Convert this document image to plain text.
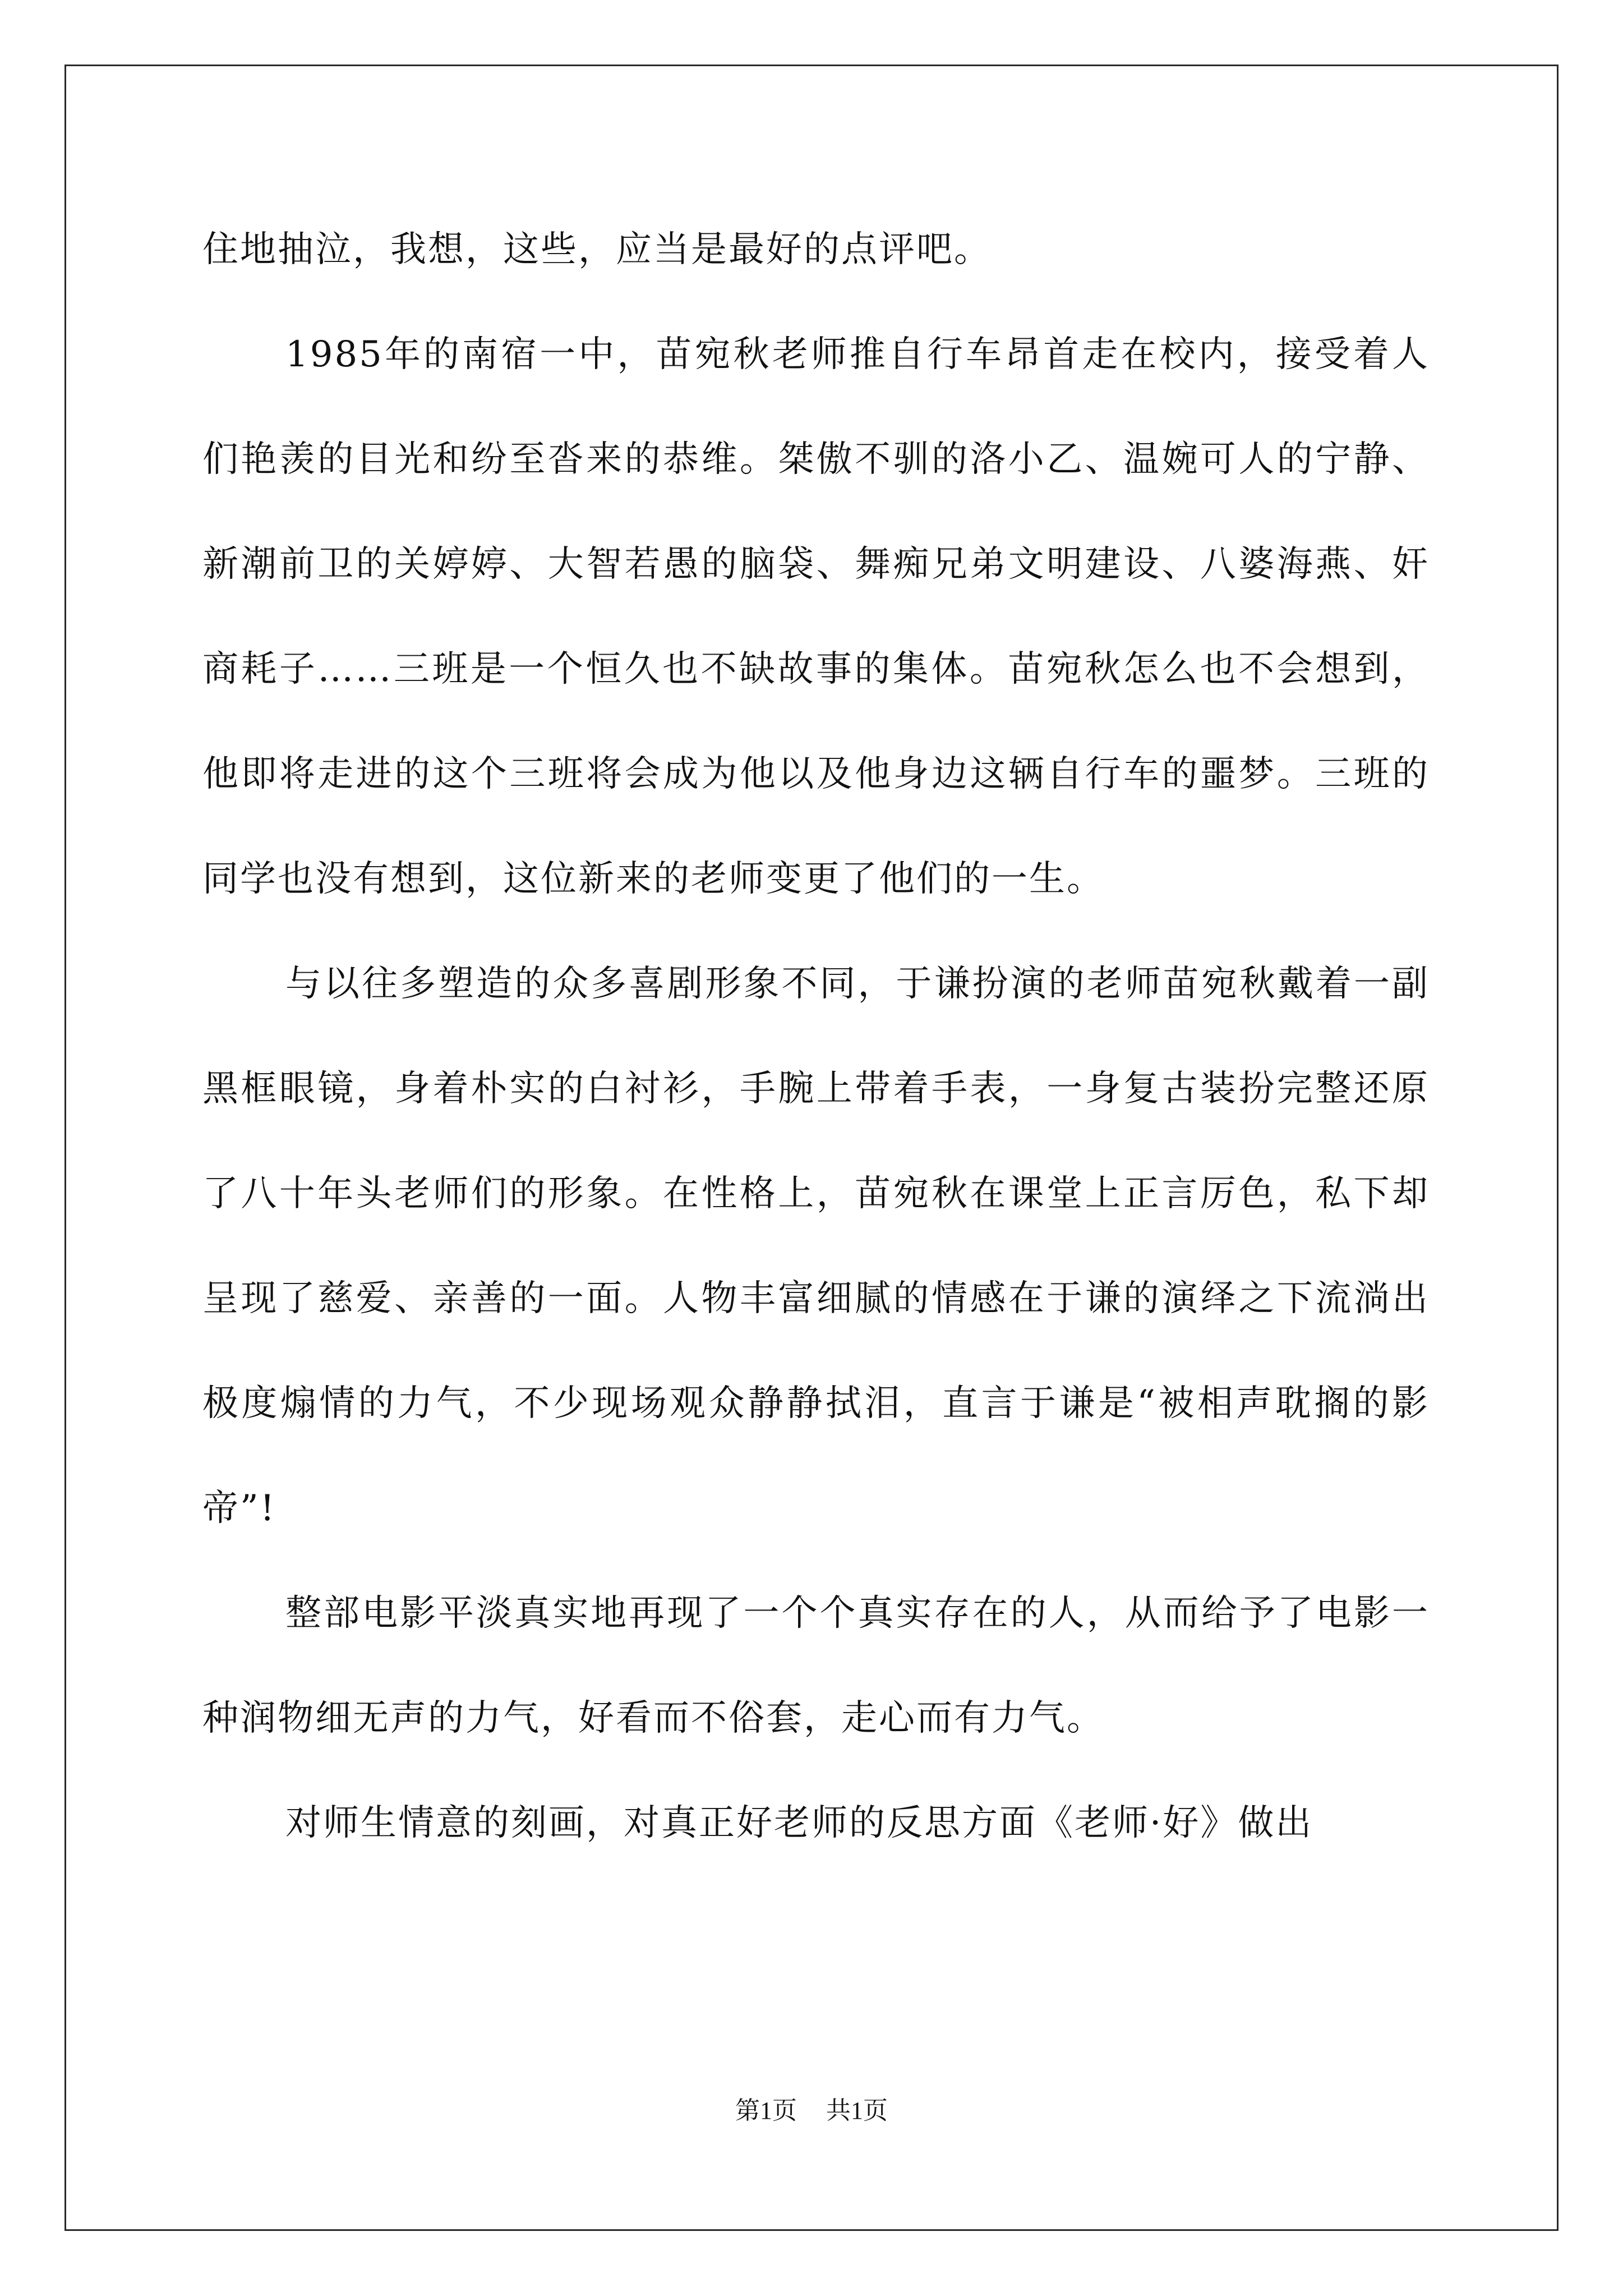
住地抽泣，我想，这些，应当是最好的点评吧。

1985年的南宿一中，苗宛秋老师推自行车昂首走在校内，接受着人们艳羡的目光和纷至沓来的恭维。桀傲不驯的洛小乙、温婉可人的宁静、新潮前卫的关婷婷、大智若愚的脑袋、舞痴兄弟文明建设、八婆海燕、奸商耗子……三班是一个恒久也不缺故事的集体。苗宛秋怎么也不会想到，他即将走进的这个三班将会成为他以及他身边这辆自行车的噩梦。三班的同学也没有想到，这位新来的老师变更了他们的一生。

与以往多塑造的众多喜剧形象不同，于谦扮演的老师苗宛秋戴着一副黑框眼镜，身着朴实的白衬衫，手腕上带着手表，一身复古装扮完整还原了八十年头老师们的形象。在性格上，苗宛秋在课堂上正言厉色，私下却呈现了慈爱、亲善的一面。人物丰富细腻的情感在于谦的演绎之下流淌出极度煽情的力气，不少现场观众静静拭泪，直言于谦是“被相声耽搁的影帝”!

整部电影平淡真实地再现了一个个真实存在的人，从而给予了电影一种润物细无声的力气，好看而不俗套，走心而有力气。

对师生情意的刻画，对真正好老师的反思方面《老师·好》做出

第1页 共1页
